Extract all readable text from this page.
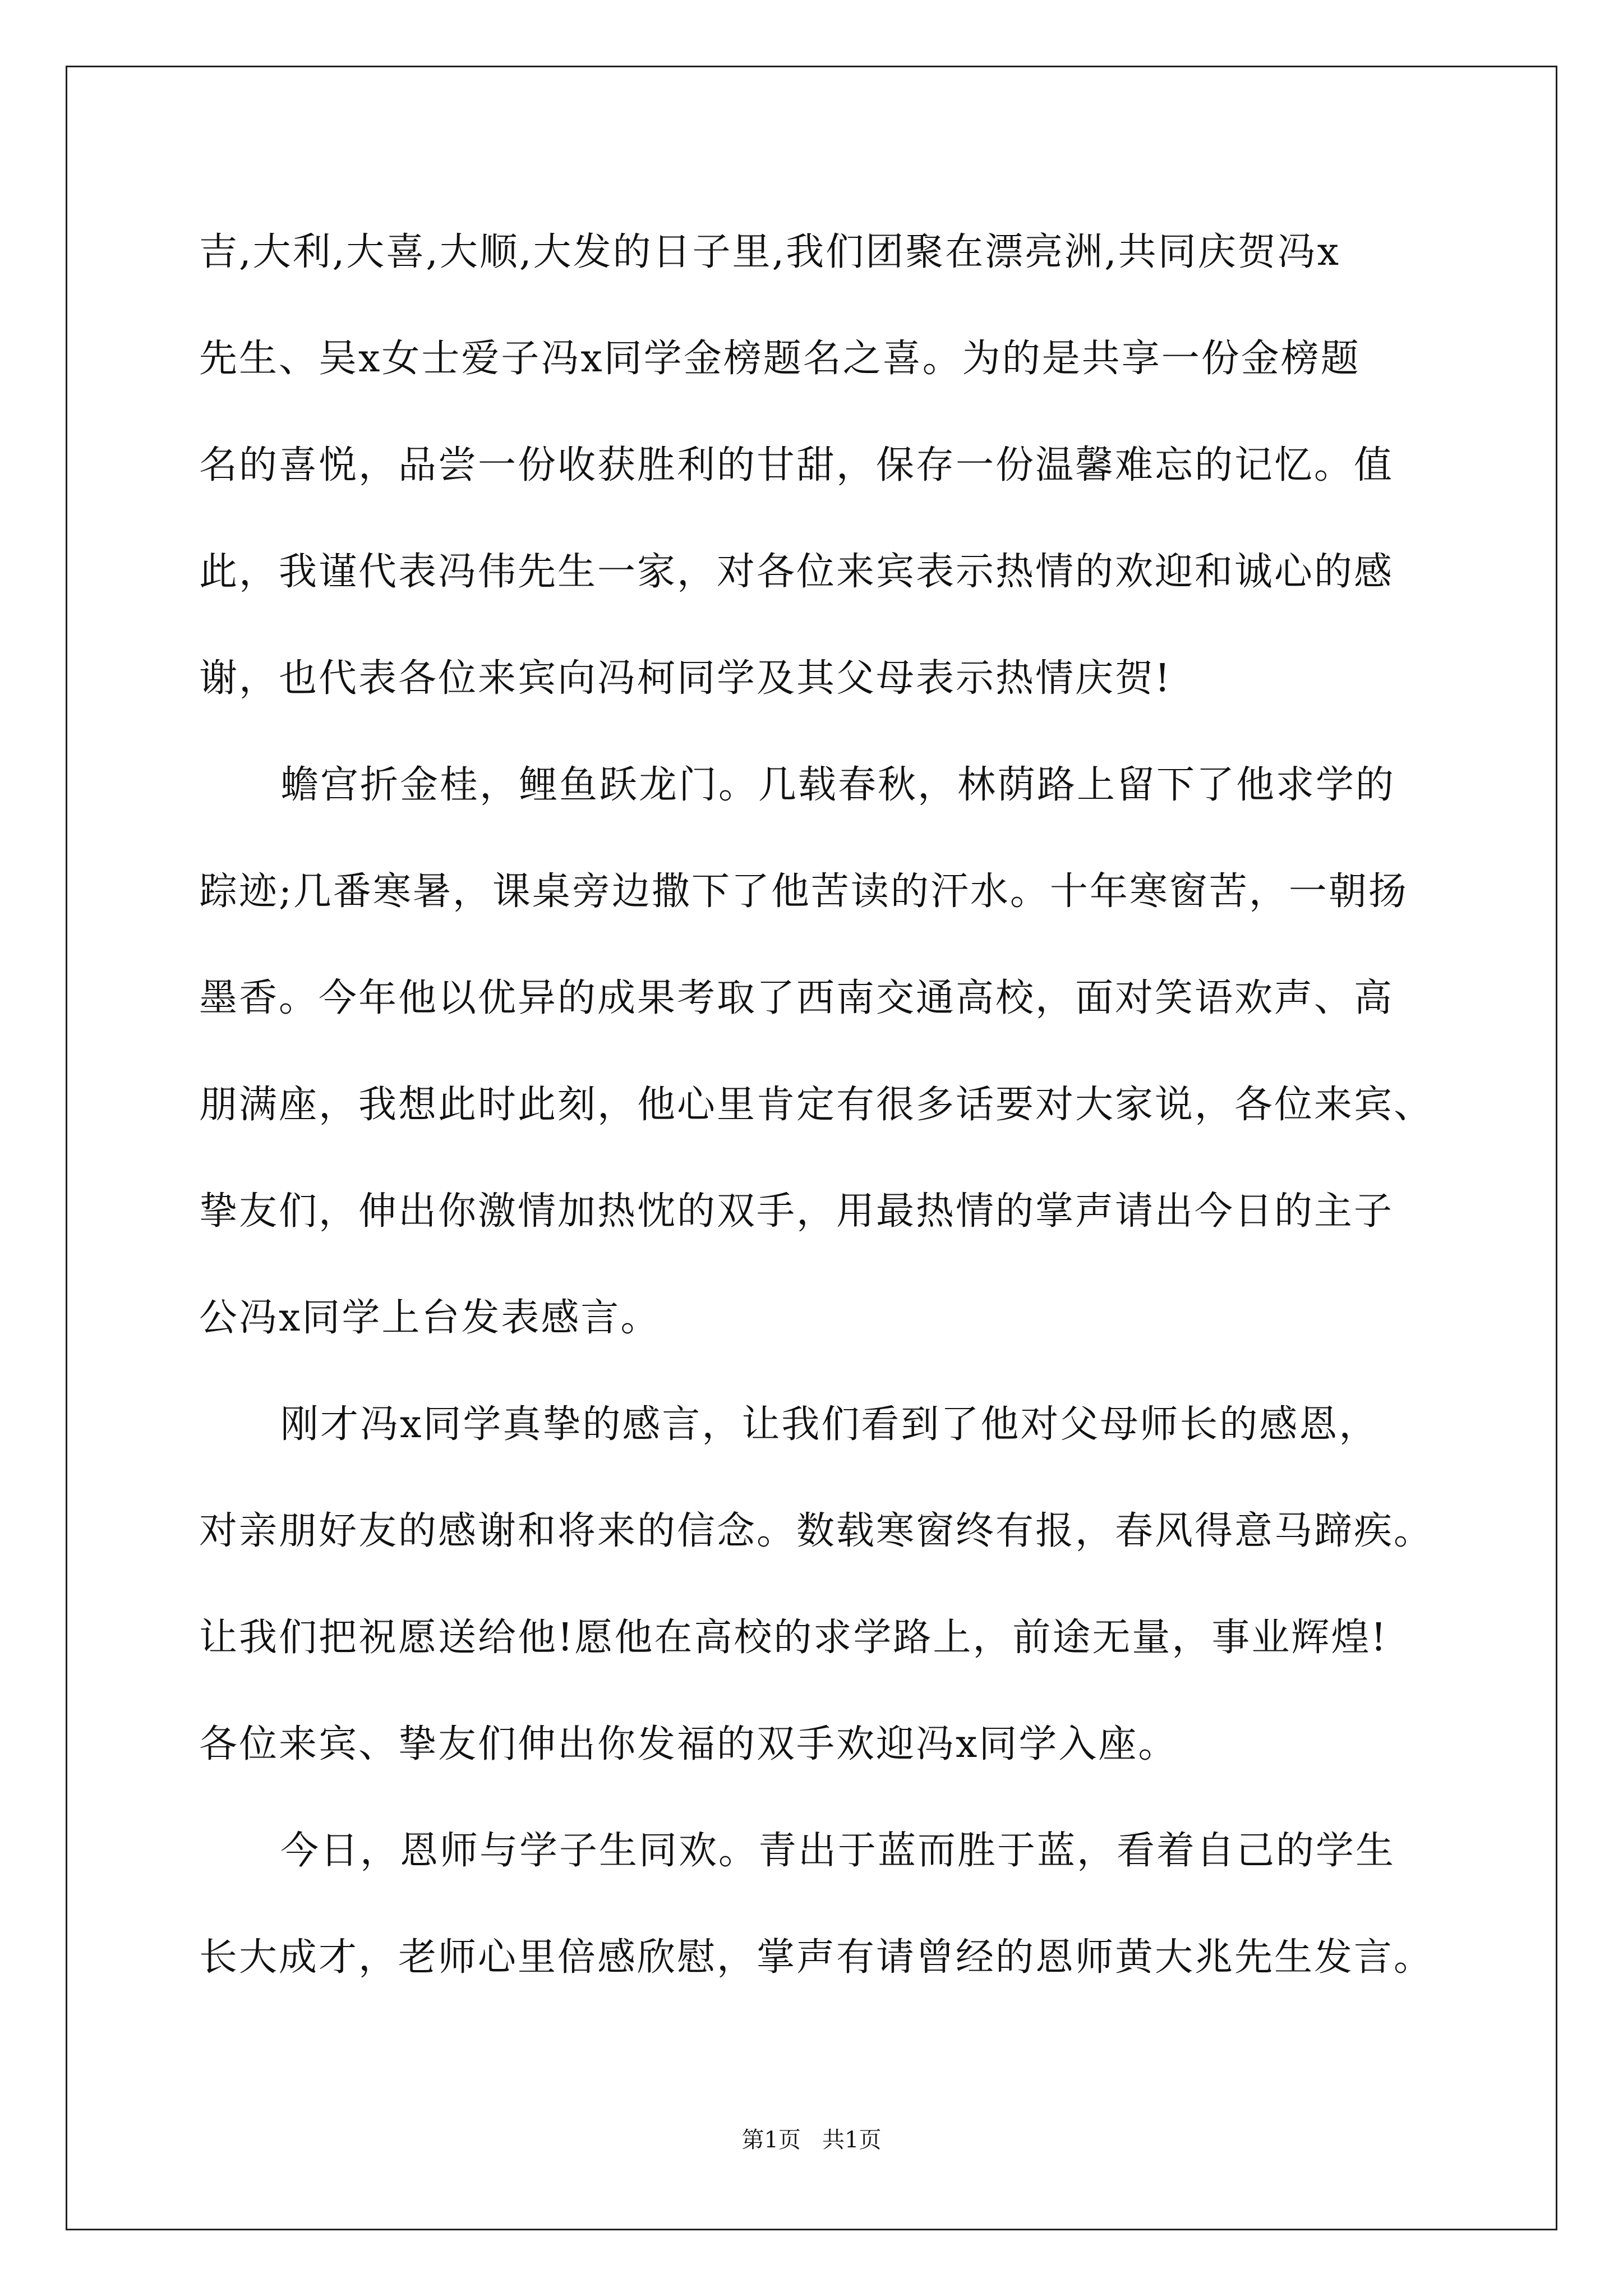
吉,大利,大喜,大顺,大发的日子里,我们团聚在漂亮洲,共同庆贺冯x
先生、吴x女士爱子冯x同学金榜题名之喜。为的是共享一份金榜题
名的喜悦，品尝一份收获胜利的甘甜，保存一份温馨难忘的记忆。值
此，我谨代表冯伟先生一家，对各位来宾表示热情的欢迎和诚心的感
谢，也代表各位来宾向冯柯同学及其父母表示热情庆贺!
蟾宫折金桂，鲤鱼跃龙门。几载春秋，林荫路上留下了他求学的
踪迹;几番寒暑，课桌旁边撒下了他苦读的汗水。十年寒窗苦，一朝扬
墨香。今年他以优异的成果考取了西南交通高校，面对笑语欢声、高
朋满座，我想此时此刻，他心里肯定有很多话要对大家说，各位来宾、
挚友们，伸出你激情加热忱的双手，用最热情的掌声请出今日的主子
公冯x同学上台发表感言。
刚才冯x同学真挚的感言，让我们看到了他对父母师长的感恩，
对亲朋好友的感谢和将来的信念。数载寒窗终有报，春风得意马蹄疾。
让我们把祝愿送给他!愿他在高校的求学路上，前途无量，事业辉煌!
各位来宾、挚友们伸出你发福的双手欢迎冯x同学入座。
今日，恩师与学子生同欢。青出于蓝而胜于蓝，看着自己的学生
长大成才，老师心里倍感欣慰，掌声有请曾经的恩师黄大兆先生发言。
第1页   共1页
